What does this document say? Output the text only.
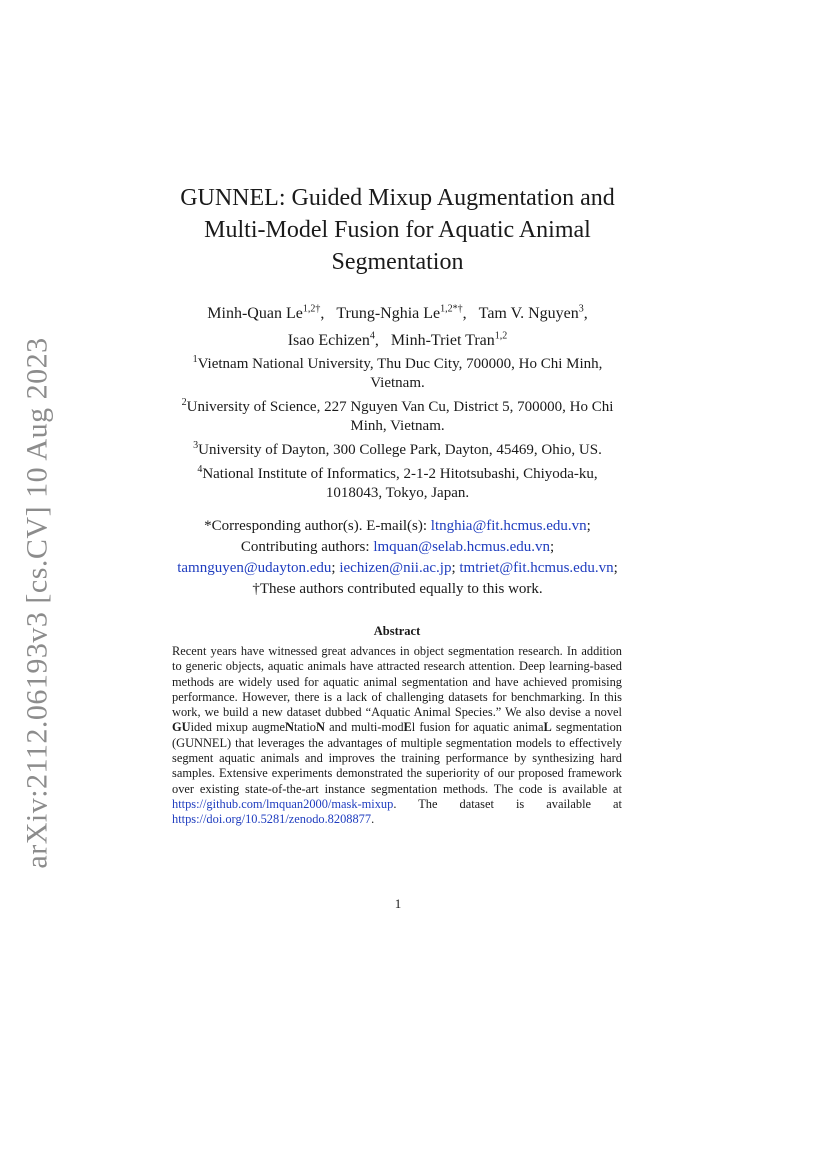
arXiv:2112.06193v3 [cs.CV] 10 Aug 2023
GUNNEL: Guided Mixup Augmentation and
Multi-Model Fusion for Aquatic Animal
Segmentation
Minh-Quan $Le^{1,2\dagger}$, Trung-Nghia $Le^{1,2*\dagger}$, Tam V. Nguyen$^3$,
Isao Echizen$^4$, Minh-Triet Tran$^{1,2}$
$^1$Vietnam National University, Thu Duc City, 700000, Ho Chi Minh,
Vietnam.
$^2$University of Science, 227 Nguyen Van Cu, District 5, 700000, Ho Chi
Minh, Vietnam.
$^3$University of Dayton, 300 College Park, Dayton, 45469, Ohio, US.
$^4$National Institute of Informatics, 2-1-2 Hitotsubashi, Chiyoda-ku,
1018043, Tokyo, Japan.
*Corresponding author(s). E-mail(s): ltnghia@fit.hcmus.edu.vn;
Contributing authors: lmquan@selab.hcmus.edu.vn;
tamnguyen@udayton.edu; iechizen@nii.ac.jp; tmtriet@fit.hcmus.edu.vn;
†These authors contributed equally to this work.
Abstract
Recent years have witnessed great advances in object segmentation research. In addition to generic objects, aquatic animals have attracted research attention. Deep learning-based methods are widely used for aquatic animal segmentation and have achieved promising performance. However, there is a lack of challenging datasets for benchmarking. In this work, we build a new dataset dubbed “Aquatic Animal Species.” We also devise a novel GUided mixup augmeNtatioN and multi-modEl fusion for aquatic animaL segmentation (GUNNEL) that leverages the advantages of multiple segmentation models to effectively segment aquatic animals and improves the training performance by synthesizing hard samples. Extensive experiments demonstrated the superiority of our proposed framework over existing state-of-the-art instance segmentation methods. The code is available at https://github.com/lmquan2000/mask-mixup. The dataset is available at https://doi.org/10.5281/zenodo.8208877.
1
